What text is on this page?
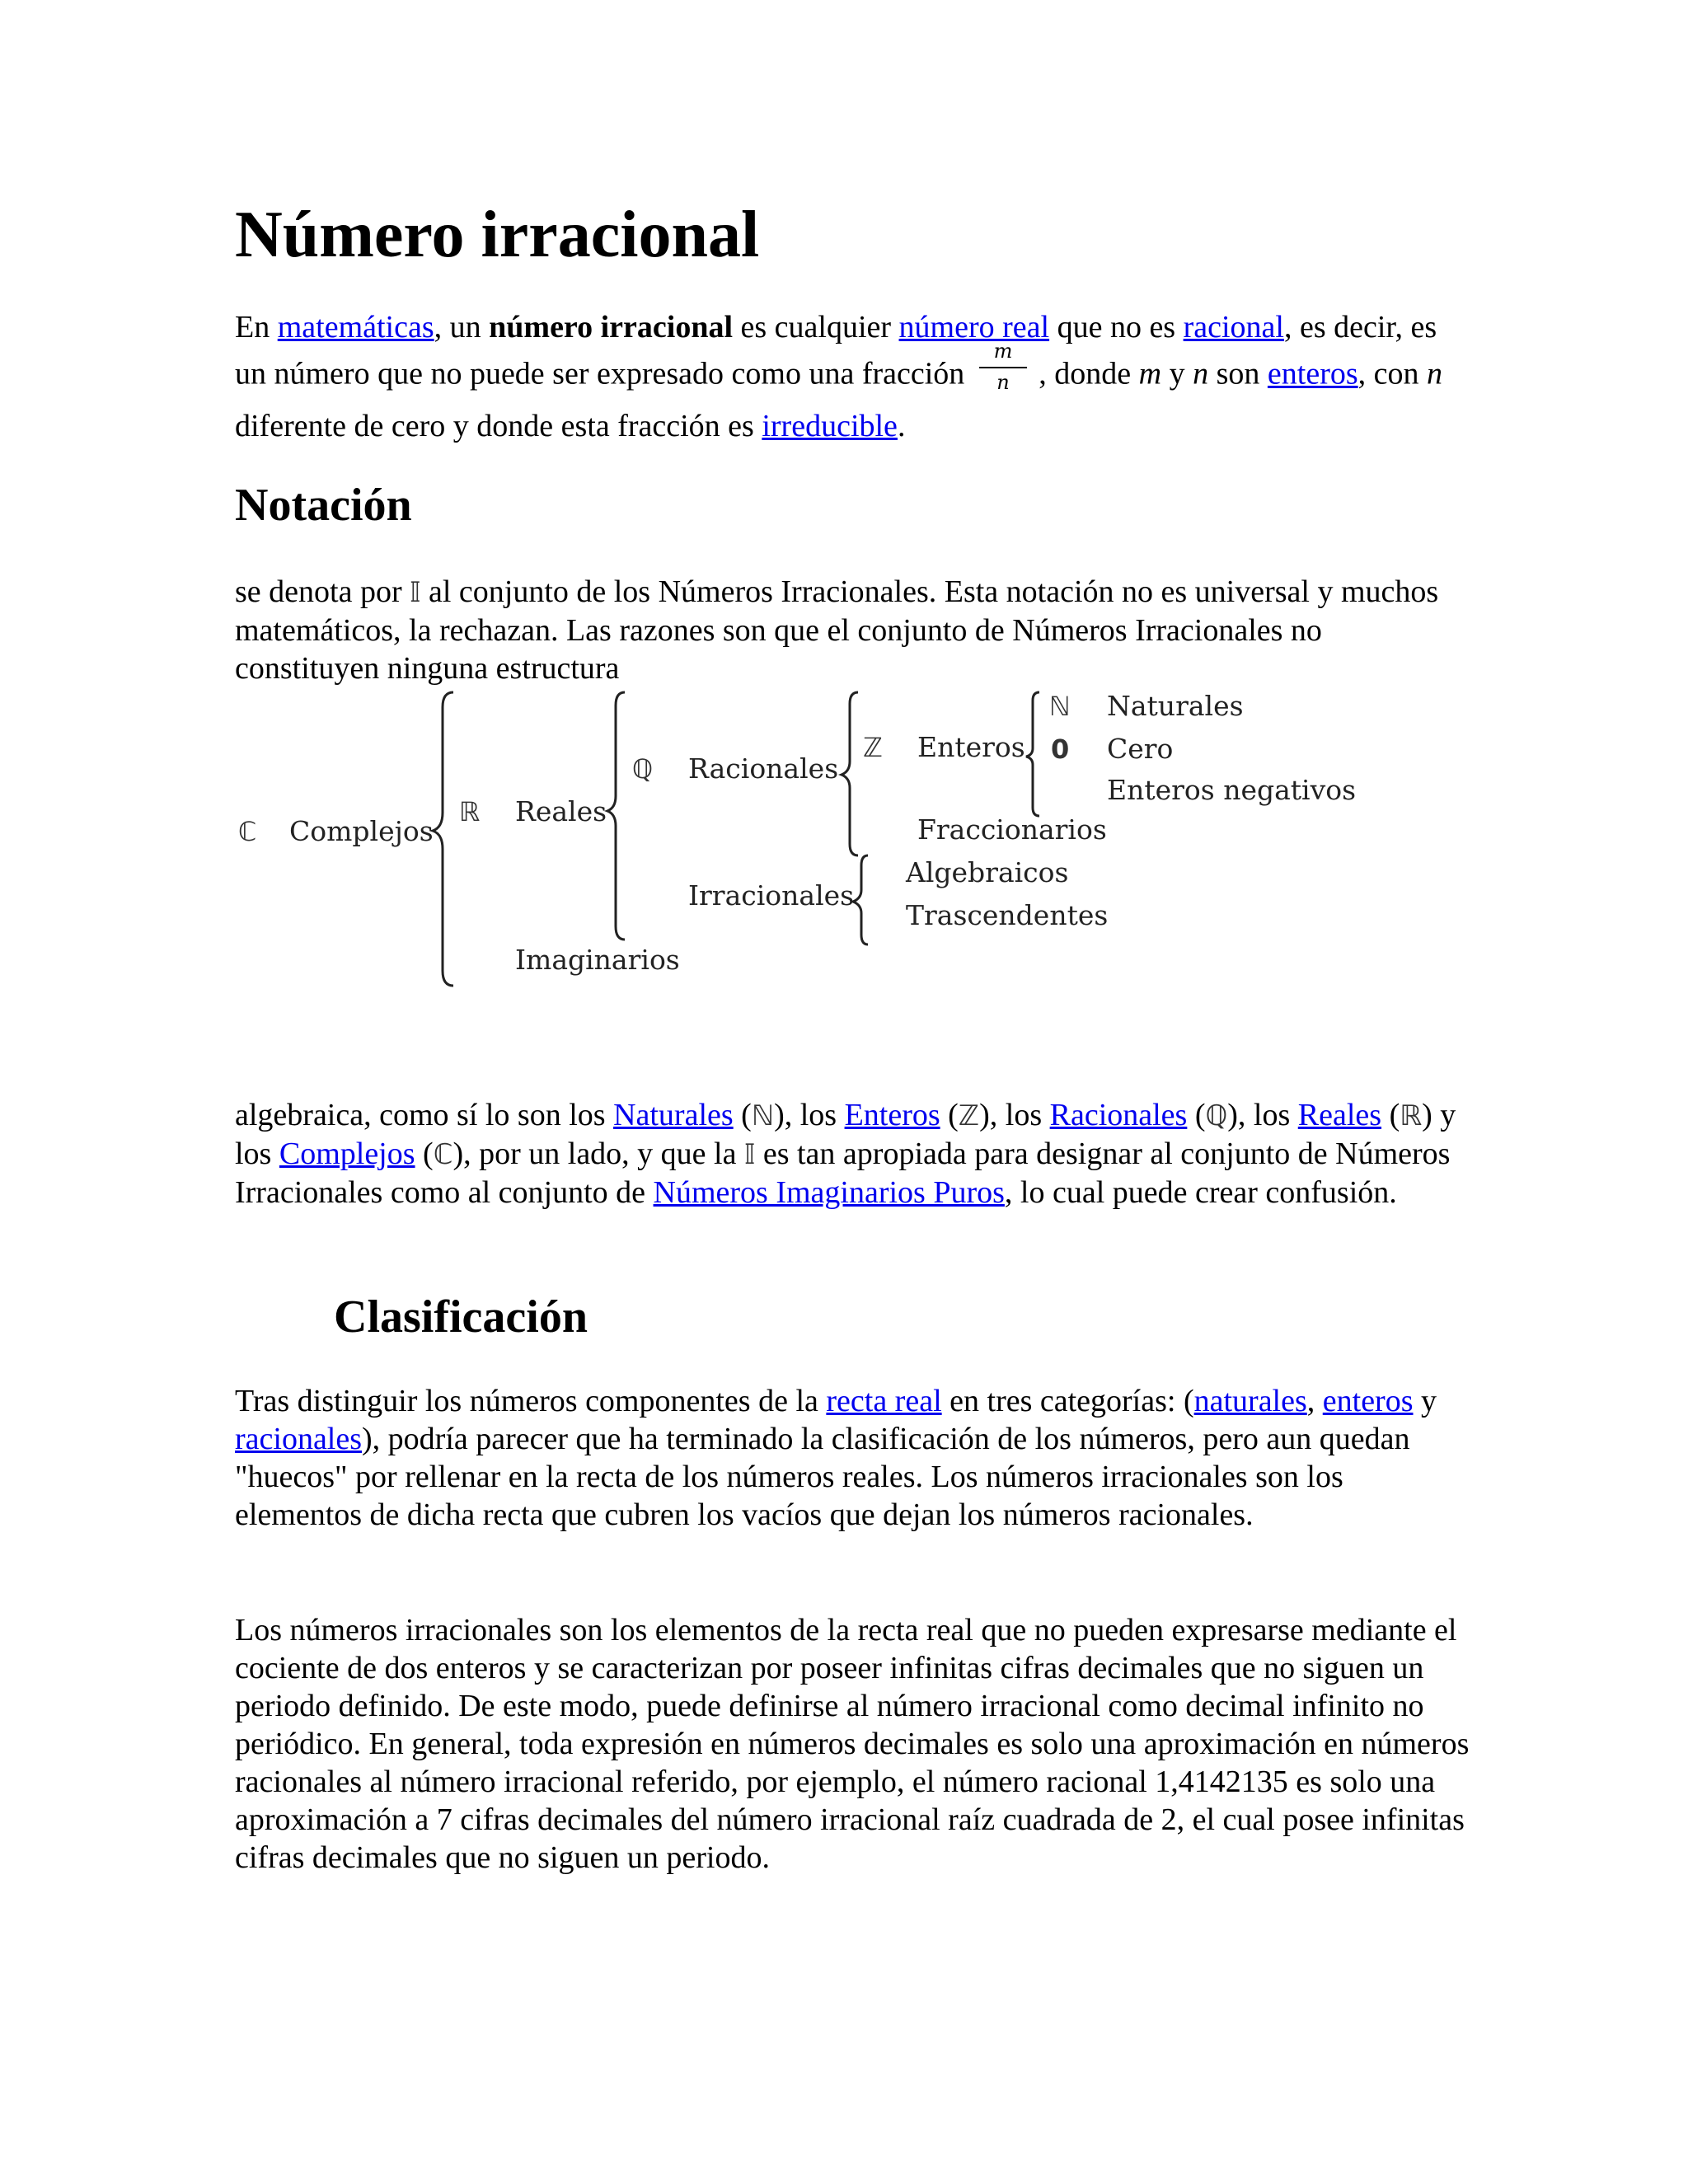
Número irracional

En matemáticas, un número irracional es cualquier número real que no es racional, es decir, es un número que no puede ser expresado como una fracción
m
n , donde m y n son enteros, con n diferente de cero y donde esta fracción es irreducible.

Notación

se denota por 𝕀 al conjunto de los Números Irracionales. Esta notación no es universal y muchos matemáticos, la rechazan. Las razones son que el conjunto de Números Irracionales no constituyen ninguna estructura

ℂ Complejos
ℝ Reales
Imaginarios
ℚ Racionales
ℤ Enteros
Fraccionarios
ℕ Naturales
0 Cero
Enteros negativos
Irracionales
Algebraicos
Trascendentes

algebraica, como sí lo son los Naturales (ℕ), los Enteros (ℤ), los Racionales (ℚ), los Reales (ℝ) y los Complejos (ℂ), por un lado, y que la 𝕀 es tan apropiada para designar al conjunto de Números Irracionales como al conjunto de Números Imaginarios Puros, lo cual puede crear confusión.

Clasificación

Tras distinguir los números componentes de la recta real en tres categorías: (naturales, enteros y racionales), podría parecer que ha terminado la clasificación de los números, pero aun quedan "huecos" por rellenar en la recta de los números reales. Los números irracionales son los elementos de dicha recta que cubren los vacíos que dejan los números racionales.

Los números irracionales son los elementos de la recta real que no pueden expresarse mediante el cociente de dos enteros y se caracterizan por poseer infinitas cifras decimales que no siguen un periodo definido. De este modo, puede definirse al número irracional como decimal infinito no periódico. En general, toda expresión en números decimales es solo una aproximación en números racionales al número irracional referido, por ejemplo, el número racional 1,4142135 es solo una aproximación a 7 cifras decimales del número irracional raíz cuadrada de 2, el cual posee infinitas cifras decimales que no siguen un periodo.
